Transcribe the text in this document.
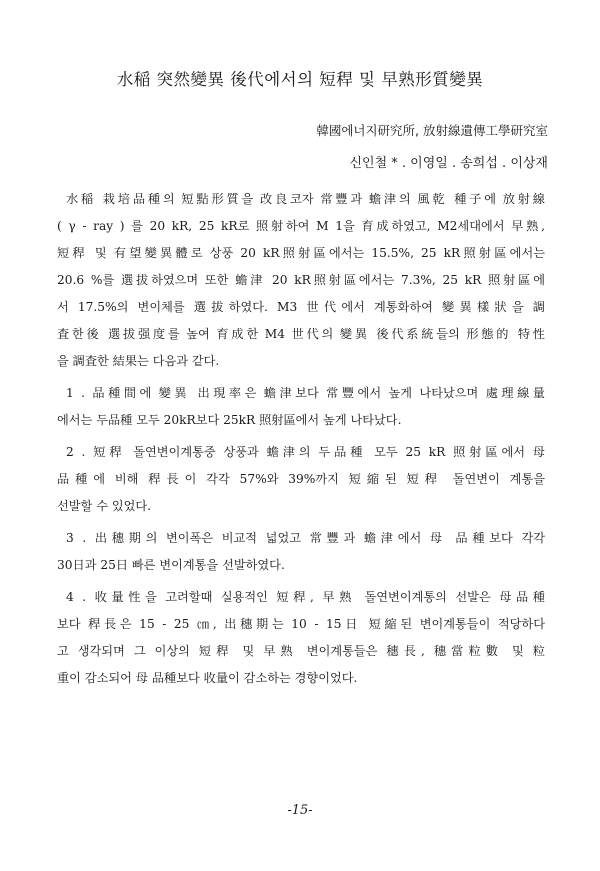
水稲 突然變異 後代에서의 短稈 및 早熟形質變異
韓國에너지研究所, 放射線遺傳工學研究室
신인철 * . 이영일 . 송희섭 . 이상재
水稲 栽培品種의 短點形質을 改良코자 常豐과 蟾津의 風乾 種子에 放射線
( γ - ray ) 를 20 kR, 25 kR로 照射하여 M 1을 育成하였고, M2세대에서 早熟,
短稈 및 有望變異體로 상풍 20 kR照射區에서는 15.5%, 25 kR照射區에서는
20.6 %를 選拔하였으며 또한 蟾津 20 kR照射區에서는 7.3%, 25 kR 照射區에
서 17.5%의 변이체를 選拔하였다. M3 世代에서 계통화하여 變異樣狀을 調
査한後 選拔强度를 높여 育成한 M4 世代의 變異 後代系統들의 形態的 特性
을 調査한 結果는 다음과 같다.
1 . 品種間에 變異 出現率은 蟾津보다 常豐에서 높게 나타났으며 處理線量
에서는 두品種 모두 20kR보다 25kR 照射區에서 높게 나타났다.
2 . 短稈 돌연변이계통중 상풍과 蟾津의 두品種 모두 25 kR 照射區에서 母
品種에 비해 稈長이 각각 57%와 39%까지 短縮된 短稈 돌연변이 계통을
선발할 수 있었다.
3 . 出穗期의 변이폭은 비교적 넓었고 常豐과 蟾津에서 母 品種보다 각각
30日과 25日 빠른 변이계통을 선발하였다.
4 . 收量性을 고려할때 실용적인 短稈, 早熟 돌연변이계통의 선발은 母品種
보다 稈長은 15 - 25 ㎝, 出穗期는 10 - 15日 短縮된 변이계통들이 적당하다
고 생각되며 그 이상의 短稈 및 早熟 변이계통들은 穗長, 穗當粒數 및 粒
重이 감소되어 母 品種보다 收量이 감소하는 경향이었다.
-15-
